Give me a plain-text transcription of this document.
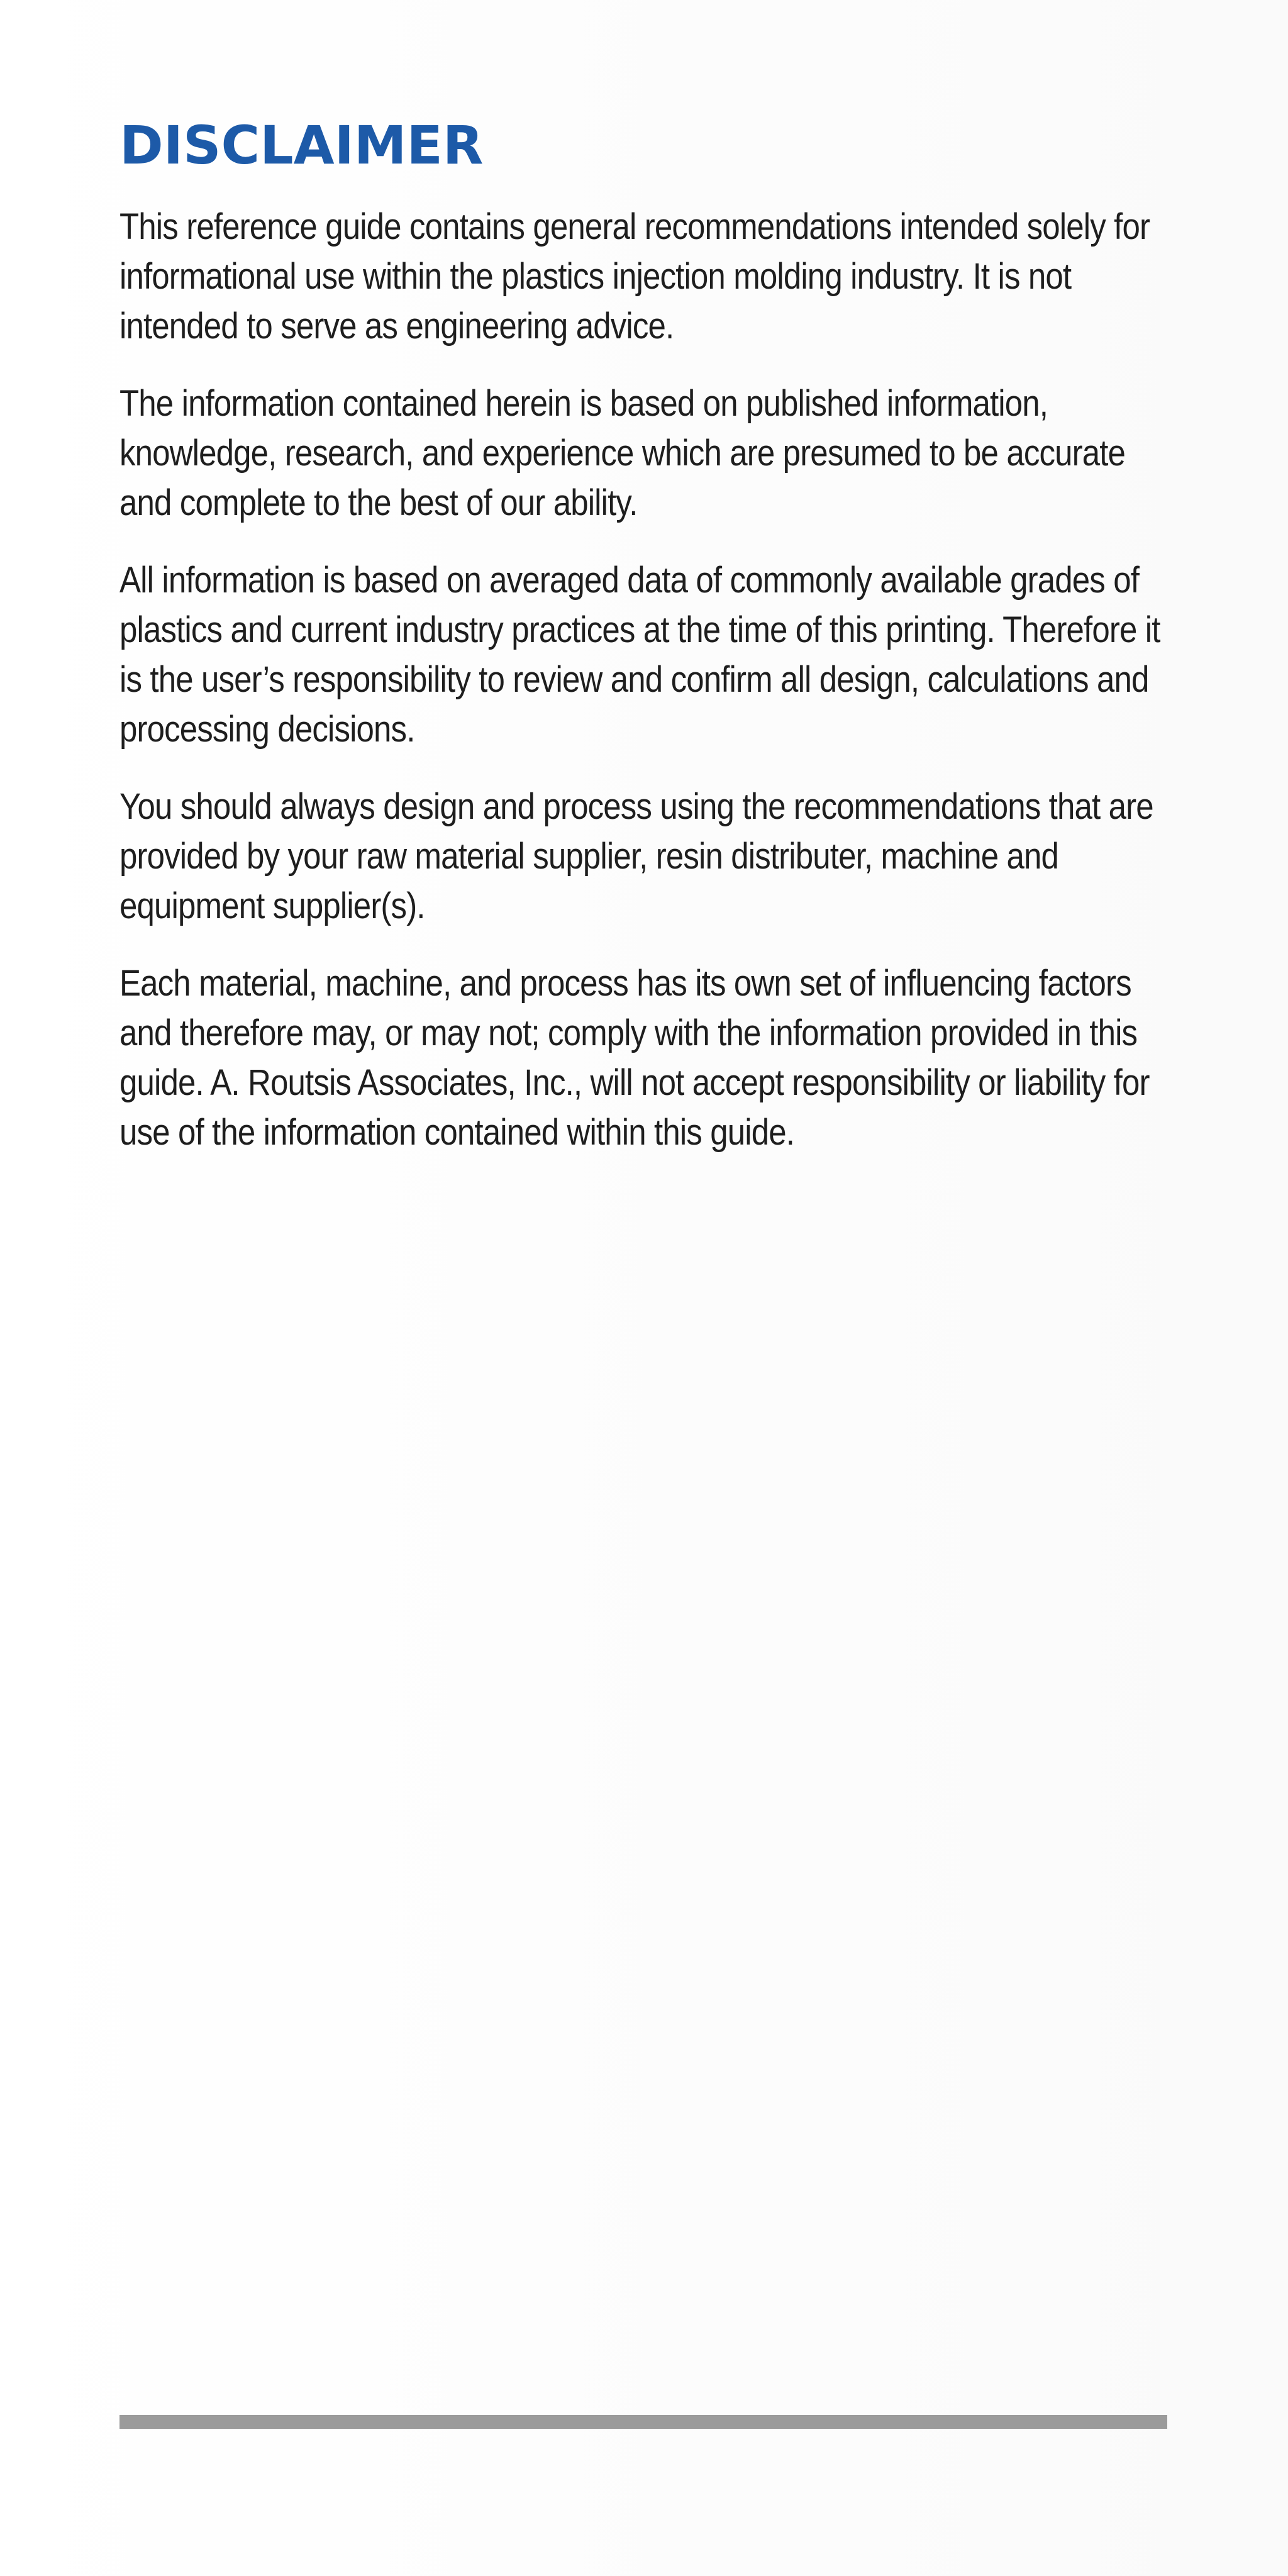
DISCLAIMER

This reference guide contains general recommendations intended solely for informational use within the plastics injection molding industry. It is not intended to serve as engineering advice.

The information contained herein is based on published information, knowledge, research, and experience which are presumed to be accurate and complete to the best of our ability.

All information is based on averaged data of commonly available grades of plastics and current industry practices at the time of this printing. Therefore it is the user’s responsibility to review and confirm all design, calculations and processing decisions.

You should always design and process using the recommendations that are provided by your raw material supplier, resin distributer, machine and equipment supplier(s).

Each material, machine, and process has its own set of influencing factors and therefore may, or may not; comply with the information provided in this guide. A. Routsis Associates, Inc., will not accept responsibility or liability for use of the information contained within this guide.
